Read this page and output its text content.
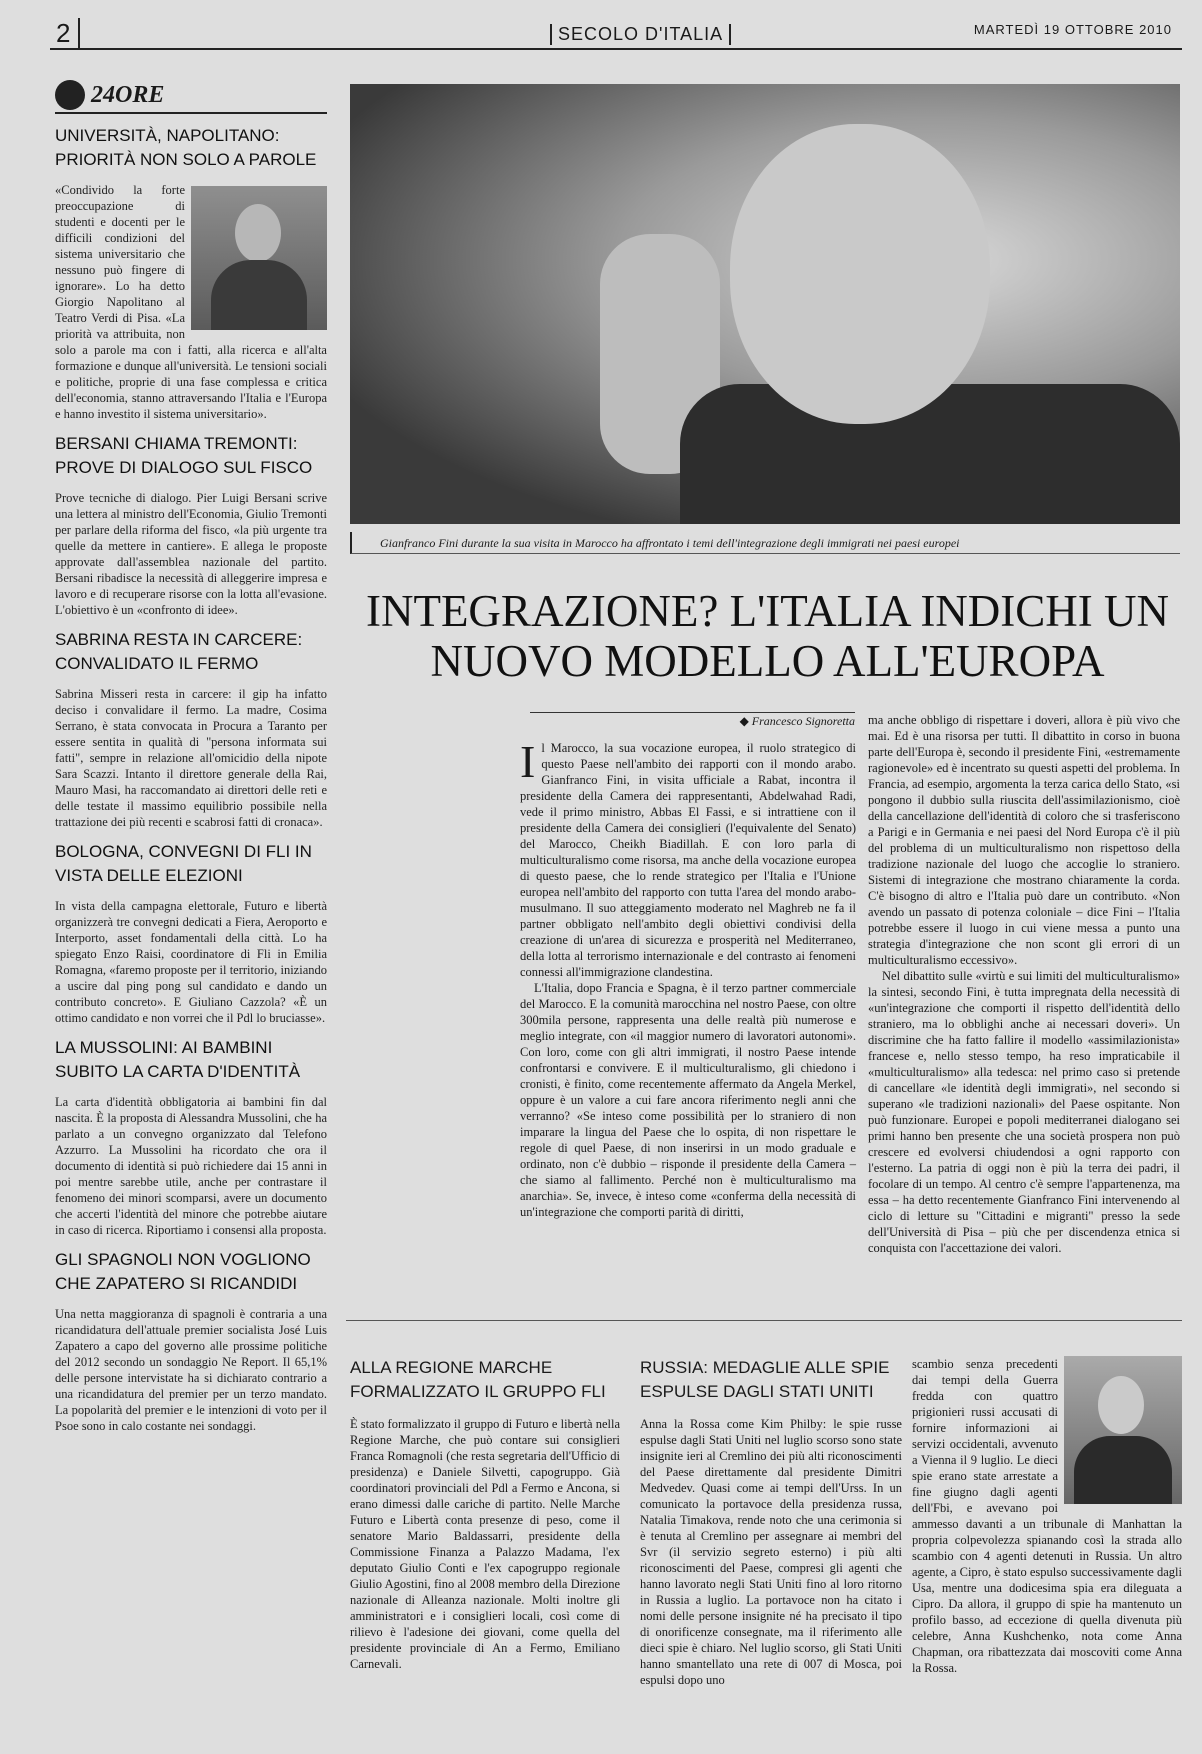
2	SECOLO D'ITALIA	MARTEDÌ 19 OTTOBRE 2010
24ORE
UNIVERSITÀ, NAPOLITANO: PRIORITÀ NON SOLO A PAROLE

«Condivido la forte preoccupazione di studenti e docenti per le difficili condizioni del sistema universitario che nessuno può fingere di ignorare». Lo ha detto Giorgio Napolitano al Teatro Verdi di Pisa. «La priorità va attribuita, non solo a parole ma con i fatti, alla ricerca e all'alta formazione e dunque all'università. Le tensioni sociali e politiche, proprie di una fase complessa e critica dell'economia, stanno attraversando l'Italia e l'Europa e hanno investito il sistema universitario».

BERSANI CHIAMA TREMONTI: PROVE DI DIALOGO SUL FISCO

Prove tecniche di dialogo. Pier Luigi Bersani scrive una lettera al ministro dell'Economia, Giulio Tremonti per parlare della riforma del fisco, «la più urgente tra quelle da mettere in cantiere». E allega le proposte approvate dall'assemblea nazionale del partito. Bersani ribadisce la necessità di alleggerire impresa e lavoro e di recuperare risorse con la lotta all'evasione. L'obiettivo è un «confronto di idee».

SABRINA RESTA IN CARCERE: CONVALIDATO IL FERMO

Sabrina Misseri resta in carcere: il gip ha infatto deciso i convalidare il fermo. La madre, Cosima Serrano, è stata convocata in Procura a Taranto per essere sentita in qualità di "persona informata sui fatti", sempre in relazione all'omicidio della nipote Sara Scazzi. Intanto il direttore generale della Rai, Mauro Masi, ha raccomandato ai direttori delle reti e delle testate il massimo equilibrio possibile nella trattazione dei più recenti e scabrosi fatti di cronaca».

BOLOGNA, CONVEGNI DI FLI IN VISTA DELLE ELEZIONI

In vista della campagna elettorale, Futuro e libertà organizzerà tre convegni dedicati a Fiera, Aeroporto e Interporto, asset fondamentali della città. Lo ha spiegato Enzo Raisi, coordinatore di Fli in Emilia Romagna, «faremo proposte per il territorio, iniziando a uscire dal ping pong sul candidato e dando un contributo concreto». E Giuliano Cazzola? «È un ottimo candidato e non vorrei che il Pdl lo bruciasse».

LA MUSSOLINI: AI BAMBINI SUBITO LA CARTA D'IDENTITÀ

La carta d'identità obbligatoria ai bambini fin dal nascita. È la proposta di Alessandra Mussolini, che ha parlato a un convegno organizzato dal Telefono Azzurro. La Mussolini ha ricordato che ora il documento di identità si può richiedere dai 15 anni in poi mentre sarebbe utile, anche per contrastare il fenomeno dei minori scomparsi, avere un documento che accerti l'identità del minore che potrebbe aiutare in caso di ricerca. Riportiamo i consensi alla proposta.

GLI SPAGNOLI NON VOGLIONO CHE ZAPATERO SI RICANDIDI

Una netta maggioranza di spagnoli è contraria a una ricandidatura dell'attuale premier socialista José Luis Zapatero a capo del governo alle prossime politiche del 2012 secondo un sondaggio Ne Report. Il 65,1% delle persone intervistate ha si dichiarato contrario a una ricandidatura del premier per un terzo mandato. La popolarità del premier e le intenzioni di voto per il Psoe sono in calo costante nei sondaggi.

Gianfranco Fini durante la sua visita in Marocco ha affrontato i temi dell'integrazione degli immigrati nei paesi europei
INTEGRAZIONE? L'ITALIA INDICHI UN NUOVO MODELLO ALL'EUROPA
◆ Francesco Signoretta
I l Marocco, la sua vocazione europea, il ruolo strategico di questo Paese nell'ambito dei rapporti con il mondo arabo. Gianfranco Fini, in visita ufficiale a Rabat, incontra il presidente della Camera dei rappresentanti, Abdelwahad Radi, vede il primo ministro, Abbas El Fassi, e si intrattiene con il presidente della Camera dei consiglieri (l'equivalente del Senato) del Marocco, Cheikh Biadillah. E con loro parla di multiculturalismo come risorsa, ma anche della vocazione europea di questo paese, che lo rende strategico per l'Italia e l'Unione europea nell'ambito del rapporto con tutta l'area del mondo arabo-musulmano. Il suo atteggiamento moderato nel Maghreb ne fa il partner obbligato nell'ambito degli obiettivi condivisi della creazione di un'area di sicurezza e prosperità nel Mediterraneo, della lotta al terrorismo internazionale e del contrasto ai fenomeni connessi all'immigrazione clandestina.

L'Italia, dopo Francia e Spagna, è il terzo partner commerciale del Marocco. E la comunità marocchina nel nostro Paese, con oltre 300mila persone, rappresenta una delle realtà più numerose e meglio integrate, con «il maggior numero di lavoratori autonomi». Con loro, come con gli altri immigrati, il nostro Paese intende confrontarsi e convivere. E il multiculturalismo, gli chiedono i cronisti, è finito, come recentemente affermato da Angela Merkel, oppure è un valore a cui fare ancora riferimento negli anni che verranno? «Se inteso come possibilità per lo straniero di non imparare la lingua del Paese che lo ospita, di non rispettare le regole di quel Paese, di non inserirsi in un modo graduale e ordinato, non c'è dubbio – risponde il presidente della Camera – che siamo al fallimento. Perché non è multiculturalismo ma anarchia». Se, invece, è inteso come «conferma della necessità di un'integrazione che comporti parità di diritti,

ma anche obbligo di rispettare i doveri, allora è più vivo che mai. Ed è una risorsa per tutti. Il dibattito in corso in buona parte dell'Europa è, secondo il presidente Fini, «estremamente ragionevole» ed è incentrato su questi aspetti del problema. In Francia, ad esempio, argomenta la terza carica dello Stato, «si pongono il dubbio sulla riuscita dell'assimilazionismo, cioè della cancellazione dell'identità di coloro che si trasferiscono a Parigi e in Germania e nei paesi del Nord Europa c'è il più del problema di un multiculturalismo non rispettoso della tradizione nazionale del luogo che accoglie lo straniero. Sistemi di integrazione che mostrano chiaramente la corda. C'è bisogno di altro e l'Italia può dare un contributo. «Non avendo un passato di potenza coloniale – dice Fini – l'Italia potrebbe essere il luogo in cui viene messa a punto una strategia d'integrazione che non scont gli errori di un multiculturalismo eccessivo».

Nel dibattito sulle «virtù e sui limiti del multiculturalismo» la sintesi, secondo Fini, è tutta impregnata della necessità di «un'integrazione che comporti il rispetto dell'identità dello straniero, ma lo obblighi anche ai necessari doveri». Un discrimine che ha fatto fallire il modello «assimilazionista» francese e, nello stesso tempo, ha reso impraticabile il «multiculturalismo» alla tedesca: nel primo caso si pretende di cancellare «le identità degli immigrati», nel secondo si superano «le tradizioni nazionali» del Paese ospitante. Non può funzionare. Europei e popoli mediterranei dialogano sei primi hanno ben presente che una società prospera non può crescere ed evolversi chiudendosi a ogni rapporto con l'esterno. La patria di oggi non è più la terra dei padri, il focolare di un tempo. Al centro c'è sempre l'appartenenza, ma essa – ha detto recentemente Gianfranco Fini intervenendo al ciclo di letture su "Cittadini e migranti" presso la sede dell'Università di Pisa – più che per discendenza etnica si conquista con l'accettazione dei valori.

ALLA REGIONE MARCHE FORMALIZZATO IL GRUPPO FLI

È stato formalizzato il gruppo di Futuro e libertà nella Regione Marche, che può contare sui consiglieri Franca Romagnoli (che resta segretaria dell'Ufficio di presidenza) e Daniele Silvetti, capogruppo. Già coordinatori provinciali del Pdl a Fermo e Ancona, si erano dimessi dalle cariche di partito. Nelle Marche Futuro e Libertà conta presenze di peso, come il senatore Mario Baldassarri, presidente della Commissione Finanza a Palazzo Madama, l'ex deputato Giulio Conti e l'ex capogruppo regionale Giulio Agostini, fino al 2008 membro della Direzione nazionale di Alleanza nazionale. Molti inoltre gli amministratori e i consiglieri locali, così come di rilievo è l'adesione dei giovani, come quella del presidente provinciale di An a Fermo, Emiliano Carnevali.

RUSSIA: MEDAGLIE ALLE SPIE ESPULSE DAGLI STATI UNITI

Anna la Rossa come Kim Philby: le spie russe espulse dagli Stati Uniti nel luglio scorso sono state insignite ieri al Cremlino dei più alti riconoscimenti del Paese direttamente dal presidente Dimitri Medvedev. Quasi come ai tempi dell'Urss. In un comunicato la portavoce della presidenza russa, Natalia Timakova, rende noto che una cerimonia si è tenuta al Cremlino per assegnare ai membri del Svr (il servizio segreto esterno) i più alti riconoscimenti del Paese, compresi gli agenti che hanno lavorato negli Stati Uniti fino al loro ritorno in Russia a luglio. La portavoce non ha citato i nomi delle persone insignite né ha precisato il tipo di onorificenze consegnate, ma il riferimento alle dieci spie è chiaro. Nel luglio scorso, gli Stati Uniti hanno smantellato una rete di 007 di Mosca, poi espulsi dopo uno

scambio senza precedenti dai tempi della Guerra fredda con quattro prigionieri russi accusati di fornire informazioni ai servizi occidentali, avvenuto a Vienna il 9 luglio. Le dieci spie erano state arrestate a fine giugno dagli agenti dell'Fbi, e avevano poi ammesso davanti a un tribunale di Manhattan la propria colpevolezza spianando così la strada allo scambio con 4 agenti detenuti in Russia. Un altro agente, a Cipro, è stato espulso successivamente dagli Usa, mentre una dodicesima spia era dileguata a Cipro. Da allora, il gruppo di spie ha mantenuto un profilo basso, ad eccezione di quella divenuta più celebre, Anna Kushchenko, nota come Anna Chapman, ora ribattezzata dai moscoviti come Anna la Rossa.
